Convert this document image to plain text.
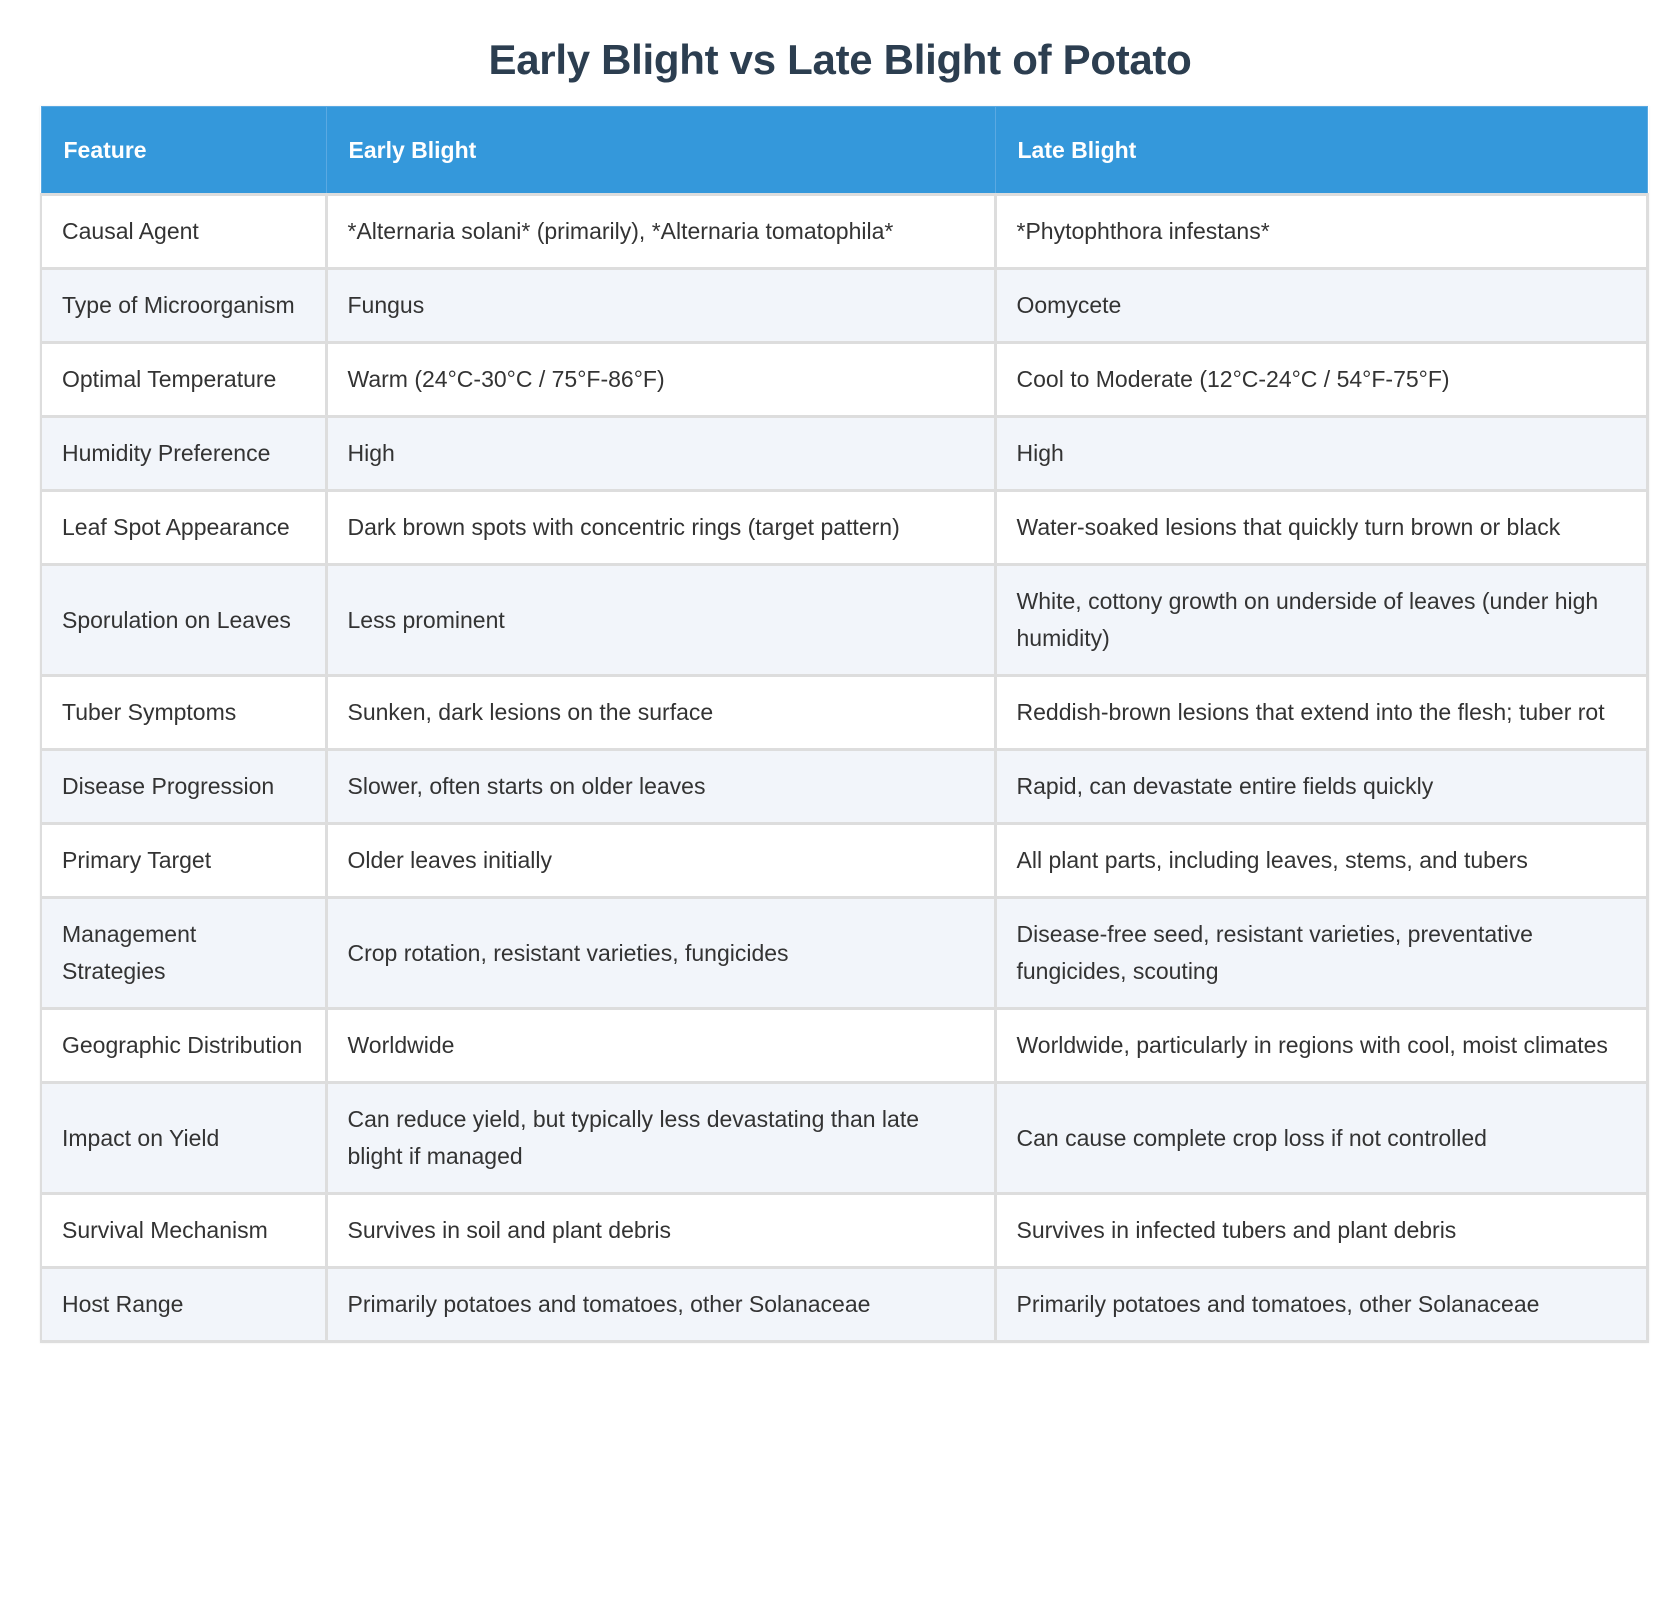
Early Blight vs Late Blight of Potato
Feature	Early Blight	Late Blight
Causal Agent	*Alternaria solani* (primarily), *Alternaria tomatophila*	*Phytophthora infestans*
Type of Microorganism	Fungus	Oomycete
Optimal Temperature	Warm (24°C-30°C / 75°F-86°F)	Cool to Moderate (12°C-24°C / 54°F-75°F)
Humidity Preference	High	High
Leaf Spot Appearance	Dark brown spots with concentric rings (target pattern)	Water-soaked lesions that quickly turn brown or black
Sporulation on Leaves	Less prominent	White, cottony growth on underside of leaves (under high humidity)
Tuber Symptoms	Sunken, dark lesions on the surface	Reddish-brown lesions that extend into the flesh; tuber rot
Disease Progression	Slower, often starts on older leaves	Rapid, can devastate entire fields quickly
Primary Target	Older leaves initially	All plant parts, including leaves, stems, and tubers
Management Strategies	Crop rotation, resistant varieties, fungicides	Disease-free seed, resistant varieties, preventative fungicides, scouting
Geographic Distribution	Worldwide	Worldwide, particularly in regions with cool, moist climates
Impact on Yield	Can reduce yield, but typically less devastating than late blight if managed	Can cause complete crop loss if not controlled
Survival Mechanism	Survives in soil and plant debris	Survives in infected tubers and plant debris
Host Range	Primarily potatoes and tomatoes, other Solanaceae	Primarily potatoes and tomatoes, other Solanaceae
